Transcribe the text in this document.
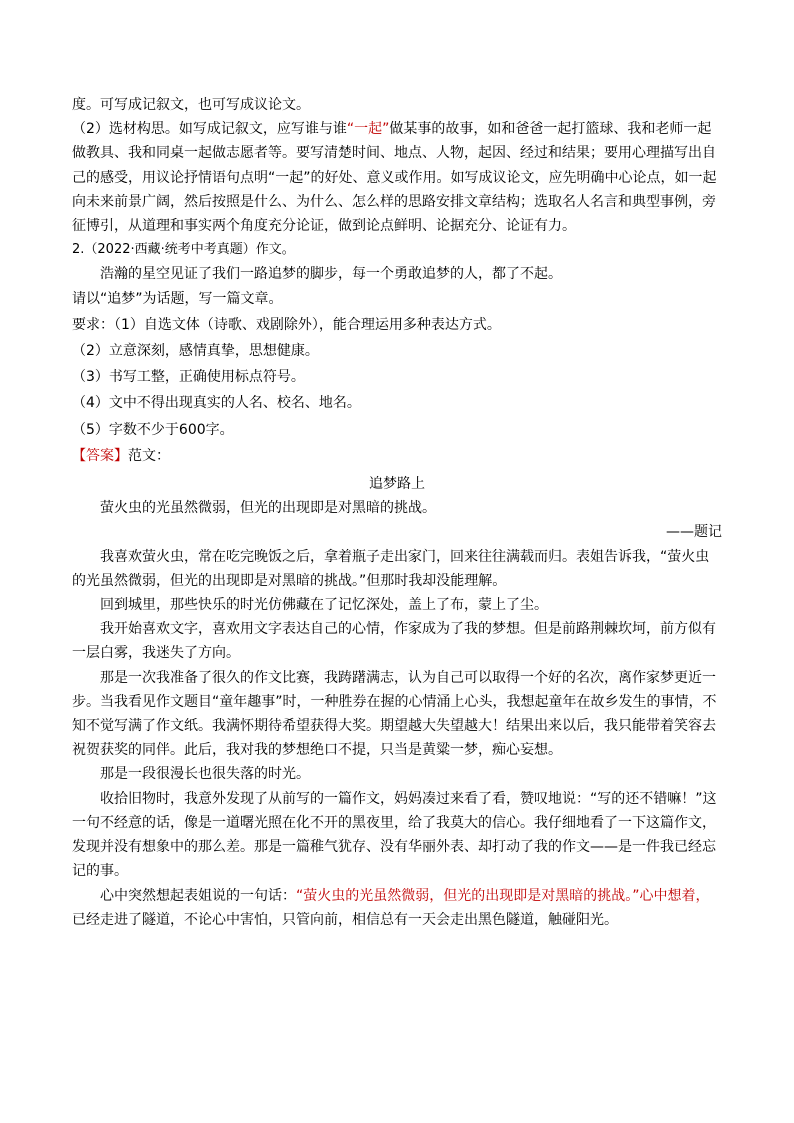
度。可写成记叙文，也可写成议论文。

（2）选材构思。如写成记叙文，应写谁与谁“一起”做某事的故事，如和爸爸一起打篮球、我和老师一起做教具、我和同桌一起做志愿者等。要写清楚时间、地点、人物，起因、经过和结果；要用心理描写出自己的感受，用议论抒情语句点明“一起”的好处、意义或作用。如写成议论文，应先明确中心论点，如一起向未来前景广阔，然后按照是什么、为什么、怎么样的思路安排文章结构；选取名人名言和典型事例，旁征博引，从道理和事实两个角度充分论证，做到论点鲜明、论据充分、论证有力。

2.（2022·西藏·统考中考真题）作文。

浩瀚的星空见证了我们一路追梦的脚步，每一个勇敢追梦的人，都了不起。

请以“追梦”为话题，写一篇文章。

要求：（1）自选文体（诗歌、戏剧除外），能合理运用多种表达方式。

（2）立意深刻，感情真挚，思想健康。

（3）书写工整，正确使用标点符号。

（4）文中不得出现真实的人名、校名、地名。

（5）字数不少于600字。

【答案】范文：

追梦路上

萤火虫的光虽然微弱，但光的出现即是对黑暗的挑战。

——题记

我喜欢萤火虫，常在吃完晚饭之后，拿着瓶子走出家门，回来往往满载而归。表姐告诉我，“萤火虫的光虽然微弱，但光的出现即是对黑暗的挑战。”但那时我却没能理解。

回到城里，那些快乐的时光仿佛藏在了记忆深处，盖上了布，蒙上了尘。

我开始喜欢文字，喜欢用文字表达自己的心情，作家成为了我的梦想。但是前路荆棘坎坷，前方似有一层白雾，我迷失了方向。

那是一次我准备了很久的作文比赛，我踌躇满志，认为自己可以取得一个好的名次，离作家梦更近一步。当我看见作文题目“童年趣事”时，一种胜券在握的心情涌上心头，我想起童年在故乡发生的事情，不知不觉写满了作文纸。我满怀期待希望获得大奖。期望越大失望越大！结果出来以后，我只能带着笑容去祝贺获奖的同伴。此后，我对我的梦想绝口不提，只当是黄粱一梦，痴心妄想。

那是一段很漫长也很失落的时光。

收拾旧物时，我意外发现了从前写的一篇作文，妈妈凑过来看了看，赞叹地说：“写的还不错嘛！”这一句不经意的话，像是一道曙光照在化不开的黑夜里，给了我莫大的信心。我仔细地看了一下这篇作文，发现并没有想象中的那么差。那是一篇稚气犹存、没有华丽外表、却打动了我的作文——是一件我已经忘记的事。

心中突然想起表姐说的一句话：“萤火虫的光虽然微弱，但光的出现即是对黑暗的挑战。”心中想着，已经走进了隧道，不论心中害怕，只管向前，相信总有一天会走出黑色隧道，触碰阳光。
